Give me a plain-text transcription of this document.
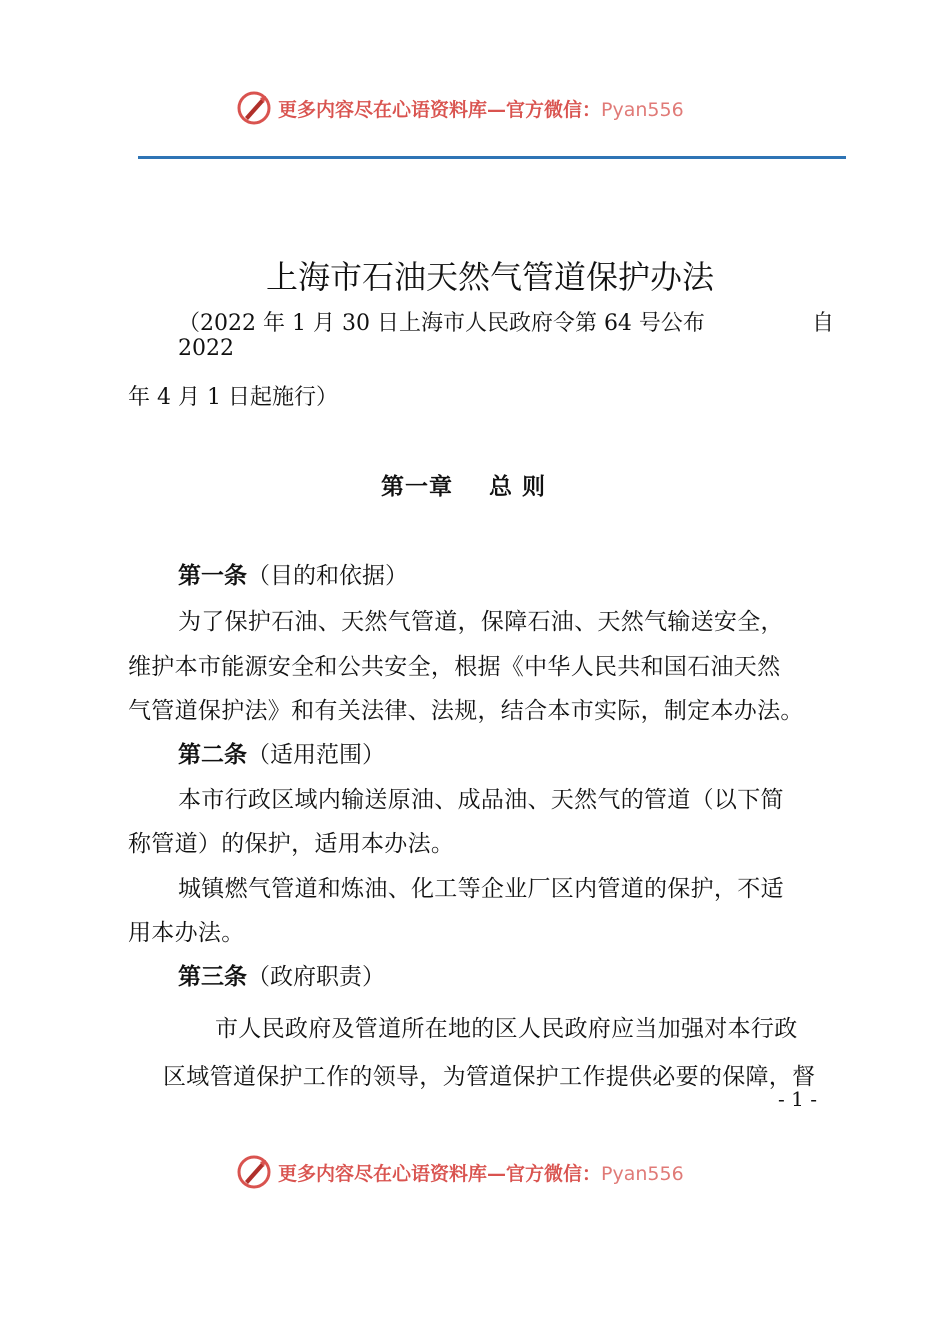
更多内容尽在心语资料库—官方微信：Pyan556
上海市石油天然气管道保护办法
（2022 年 1 月 30 日上海市人民政府令第 64 号公布	自
2022
年 4 月 1 日起施行）
第一章    总 则
第一条（目的和依据）
为了保护石油、天然气管道，保障石油、天然气输送安全，
维护本市能源安全和公共安全，根据《中华人民共和国石油天然
气管道保护法》和有关法律、法规，结合本市实际，制定本办法。
第二条（适用范围）
本市行政区域内输送原油、成品油、天然气的管道（以下简
称管道）的保护，适用本办法。
城镇燃气管道和炼油、化工等企业厂区内管道的保护，不适
用本办法。
第三条（政府职责）
市人民政府及管道所在地的区人民政府应当加强对本行政
区域管道保护工作的领导，为管道保护工作提供必要的保障，督
- 1 -
更多内容尽在心语资料库—官方微信：Pyan556
